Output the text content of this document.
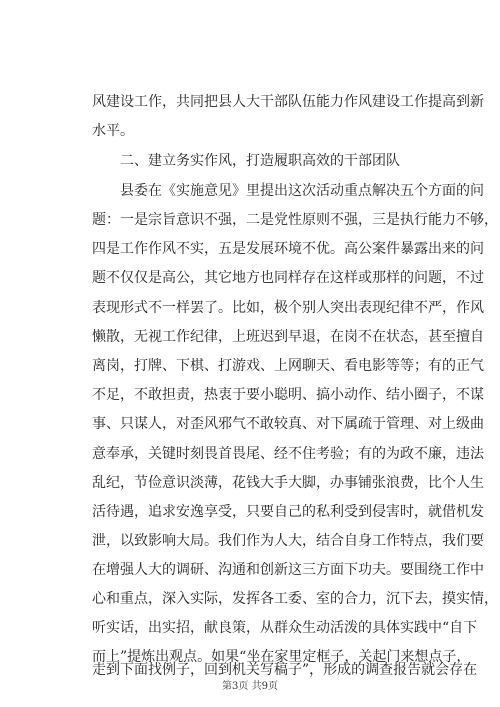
风建设工作，共同把县人大干部队伍能力作风建设工作提高到新
水平。
二、建立务实作风，打造履职高效的干部团队
县委在《实施意见》里提出这次活动重点解决五个方面的问
题：一是宗旨意识不强，二是党性原则不强，三是执行能力不够，
四是工作作风不实，五是发展环境不优。高公案件暴露出来的问
题不仅仅是高公，其它地方也同样存在这样或那样的问题，不过
表现形式不一样罢了。比如，极个别人突出表现纪律不严，作风
懒散，无视工作纪律，上班迟到早退，在岗不在状态，甚至擅自
离岗，打牌、下棋、打游戏、上网聊天、看电影等等；有的正气
不足，不敢担责，热衷于要小聪明、搞小动作、结小圈子，不谋
事、只谋人，对歪风邪气不敢较真、对下属疏于管理、对上级曲
意奉承，关键时刻畏首畏尾、经不住考验；有的为政不廉，违法
乱纪，节俭意识淡薄，花钱大手大脚，办事铺张浪费，比个人生
活待遇，追求安逸享受，只要自己的私利受到侵害时，就借机发
泄，以致影响大局。我们作为人大，结合自身工作特点，我们要
在增强人大的调研、沟通和创新这三方面下功夫。要围绕工作中
心和重点，深入实际，发挥各工委、室的合力，沉下去，摸实情，
听实话，出实招，献良策，从群众生动活泼的具体实践中“自下
而上”提炼出观点。如果“坐在家里定框子，关起门来想点子，
走到下面找例子，回到机关写稿子”，形成的调查报告就会存在
第3页 共9页
